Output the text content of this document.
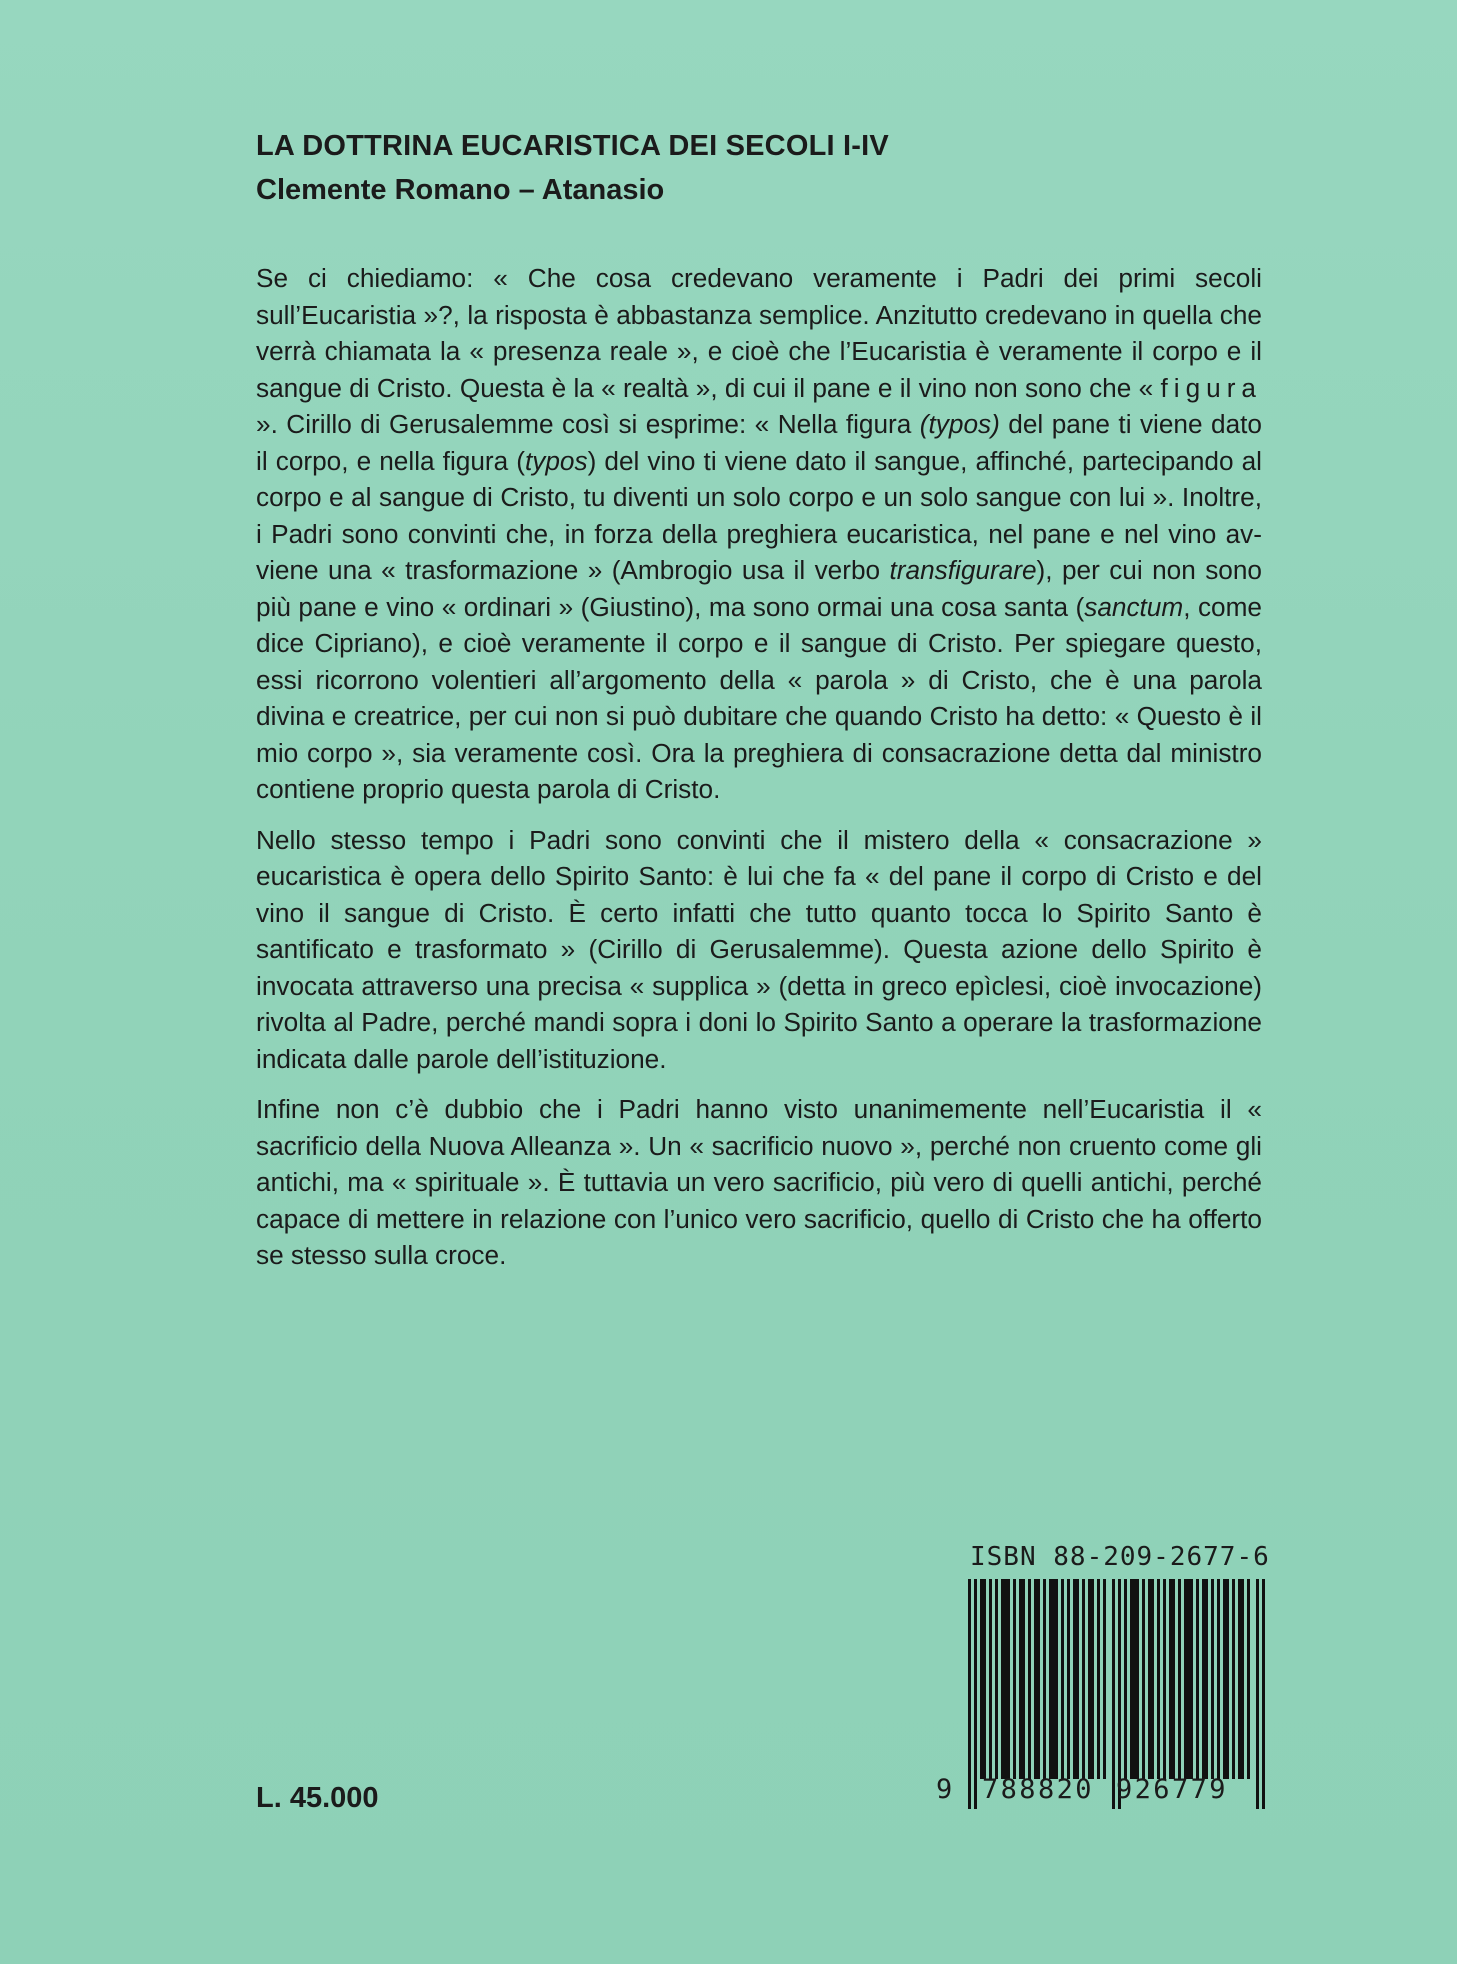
LA DOTTRINA EUCARISTICA DEI SECOLI I-IV
Clemente Romano – Atanasio

Se ci chiediamo: « Che cosa credevano veramente i Padri dei primi secoli sull’Eucaristia »?, la risposta è abbastanza semplice. Anzitutto credevano in quella che verrà chiamata la « presenza reale », e cioè che l’Eucaristia è veramente il corpo e il sangue di Cristo. Questa è la « realtà », di cui il pane e il vino non sono che « figura ». Cirillo di Gerusalemme così si esprime: « Nella figura (typos) del pane ti viene dato il corpo, e nella figura (typos) del vino ti viene dato il sangue, affinché, partecipando al corpo e al sangue di Cristo, tu diventi un solo corpo e un solo sangue con lui ». Inoltre, i Padri sono convinti che, in forza della preghiera eucaristica, nel pane e nel vino avviene una « trasformazione » (Ambrogio usa il verbo transfigurare), per cui non sono più pane e vino « ordinari » (Giustino), ma sono ormai una cosa santa (sanctum, come dice Cipriano), e cioè veramente il corpo e il sangue di Cristo. Per spiegare questo, essi ricorrono volentieri all’argomento della « parola » di Cristo, che è una parola divina e creatrice, per cui non si può dubitare che quando Cristo ha detto: « Questo è il mio corpo », sia veramente così. Ora la preghiera di consacrazione detta dal ministro contiene proprio questa parola di Cristo.

Nello stesso tempo i Padri sono convinti che il mistero della « consacrazione » eucaristica è opera dello Spirito Santo: è lui che fa « del pane il corpo di Cristo e del vino il sangue di Cristo. È certo infatti che tutto quanto tocca lo Spirito Santo è santificato e trasformato » (Cirillo di Gerusalemme). Questa azione dello Spirito è invocata attraverso una precisa « supplica » (detta in greco epìclesi, cioè invocazione) rivolta al Padre, perché mandi sopra i doni lo Spirito Santo a operare la trasformazione indicata dalle parole dell’istituzione.

Infine non c’è dubbio che i Padri hanno visto unanimemente nell’Eucaristia il « sacrificio della Nuova Alleanza ». Un « sacrificio nuovo », perché non cruento come gli antichi, ma « spirituale ». È tuttavia un vero sacrificio, più vero di quelli antichi, perché capace di mettere in relazione con l’unico vero sacrificio, quello di Cristo che ha offerto se stesso sulla croce.

L. 45.000
ISBN 88-209-2677-6
9 788820 926779
